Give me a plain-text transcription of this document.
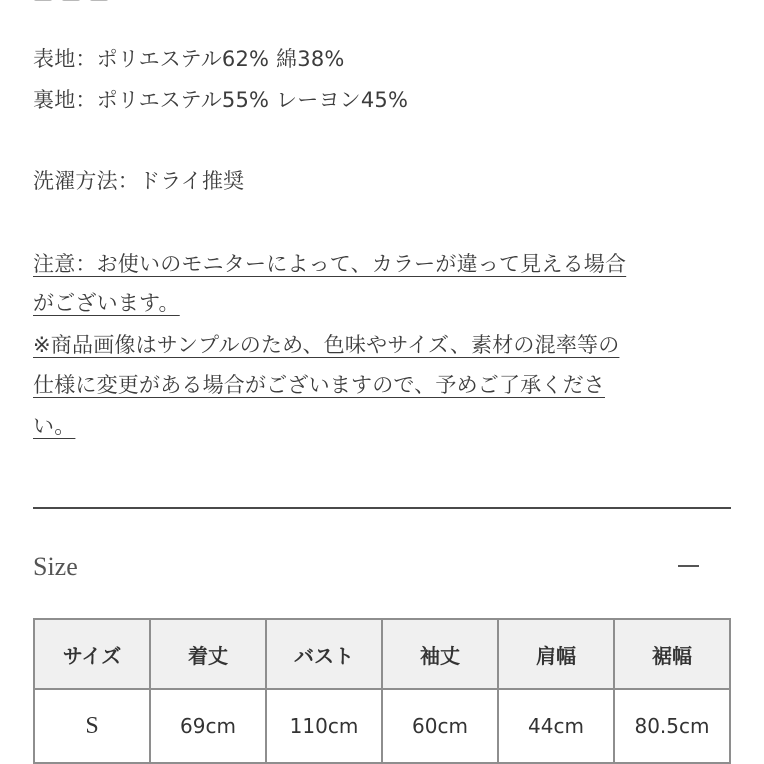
表地：ポリエステル62% 綿38%
裏地：ポリエステル55% レーヨン45%
洗濯方法：ドライ推奨
注意：お使いのモニターによって、カラーが違って見える場合
がございます。
※商品画像はサンプルのため、色味やサイズ、素材の混率等の
仕様に変更がある場合がございますので、予めご了承くださ
い。
Size
サイズ	着丈	バスト	袖丈	肩幅	裾幅
S	69cm	110cm	60cm	44cm	80.5cm
